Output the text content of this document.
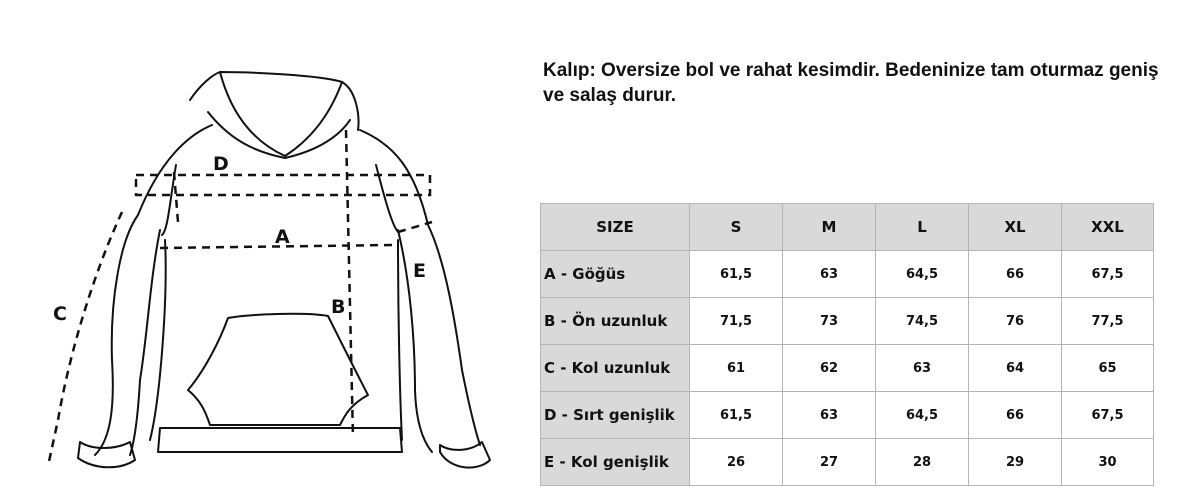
D
A
B
C
E
Kalıp: Oversize bol ve rahat kesimdir. Bedeninize tam oturmaz geniş ve salaş durur.
SIZE	S	M	L	XL	XXL
A - Göğüs	61,5	63	64,5	66	67,5
B - Ön uzunluk	71,5	73	74,5	76	77,5
C - Kol uzunluk	61	62	63	64	65
D - Sırt genişlik	61,5	63	64,5	66	67,5
E - Kol genişlik	26	27	28	29	30
